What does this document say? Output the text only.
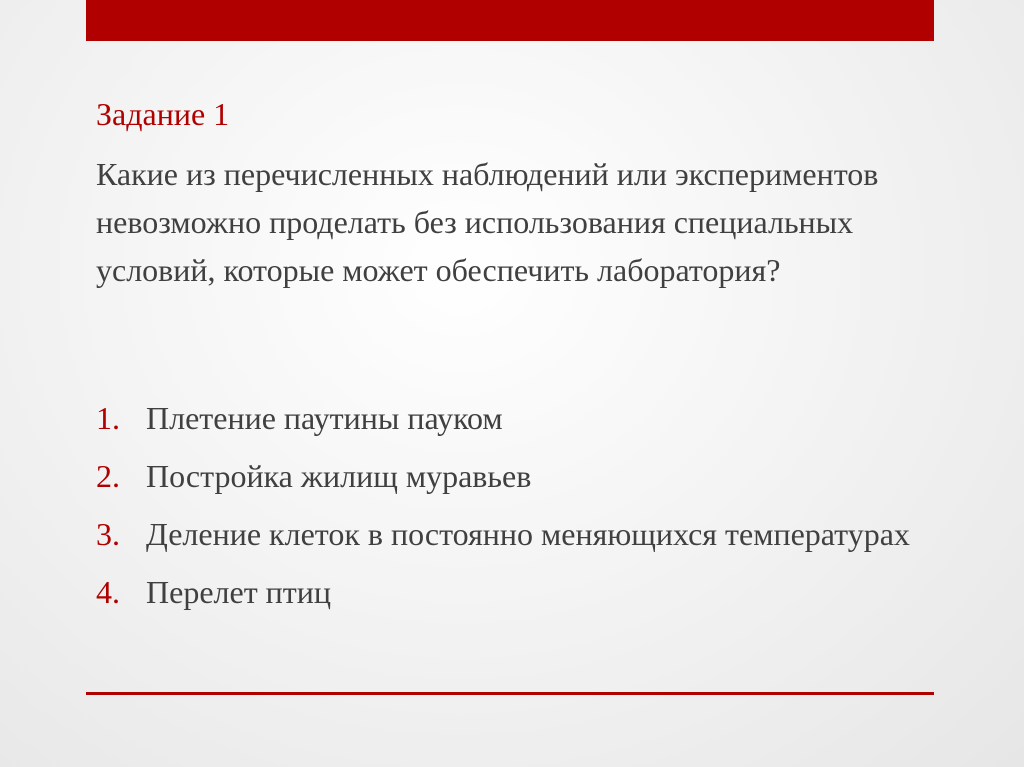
Задание 1

Какие из перечисленных наблюдений или экспериментов невозможно проделать без использования специальных условий, которые может обеспечить лаборатория?

1. Плетение паутины пауком
2. Постройка жилищ муравьев
3. Деление клеток в постоянно меняющихся температурах
4. Перелет птиц
